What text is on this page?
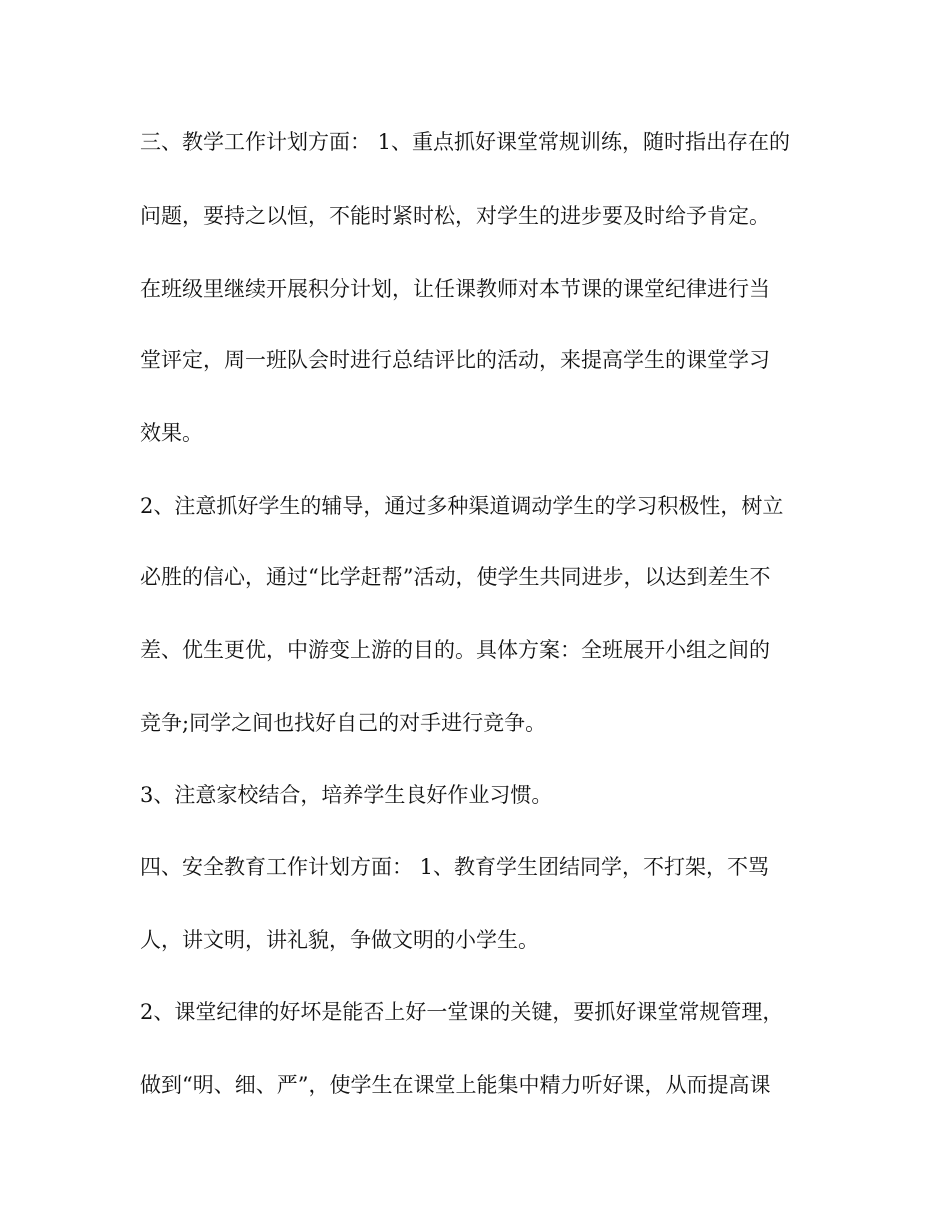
三、教学工作计划方面： 1、重点抓好课堂常规训练，随时指出存在的
问题，要持之以恒，不能时紧时松，对学生的进步要及时给予肯定。
在班级里继续开展积分计划，让任课教师对本节课的课堂纪律进行当
堂评定，周一班队会时进行总结评比的活动，来提高学生的课堂学习
效果。
2、注意抓好学生的辅导，通过多种渠道调动学生的学习积极性，树立
必胜的信心，通过“比学赶帮”活动，使学生共同进步，以达到差生不
差、优生更优，中游变上游的目的。具体方案：全班展开小组之间的
竞争;同学之间也找好自己的对手进行竞争。
3、注意家校结合，培养学生良好作业习惯。
四、安全教育工作计划方面： 1、教育学生团结同学，不打架，不骂
人，讲文明，讲礼貌，争做文明的小学生。
2、课堂纪律的好坏是能否上好一堂课的关键，要抓好课堂常规管理，
做到“明、细、严”，使学生在课堂上能集中精力听好课，从而提高课
